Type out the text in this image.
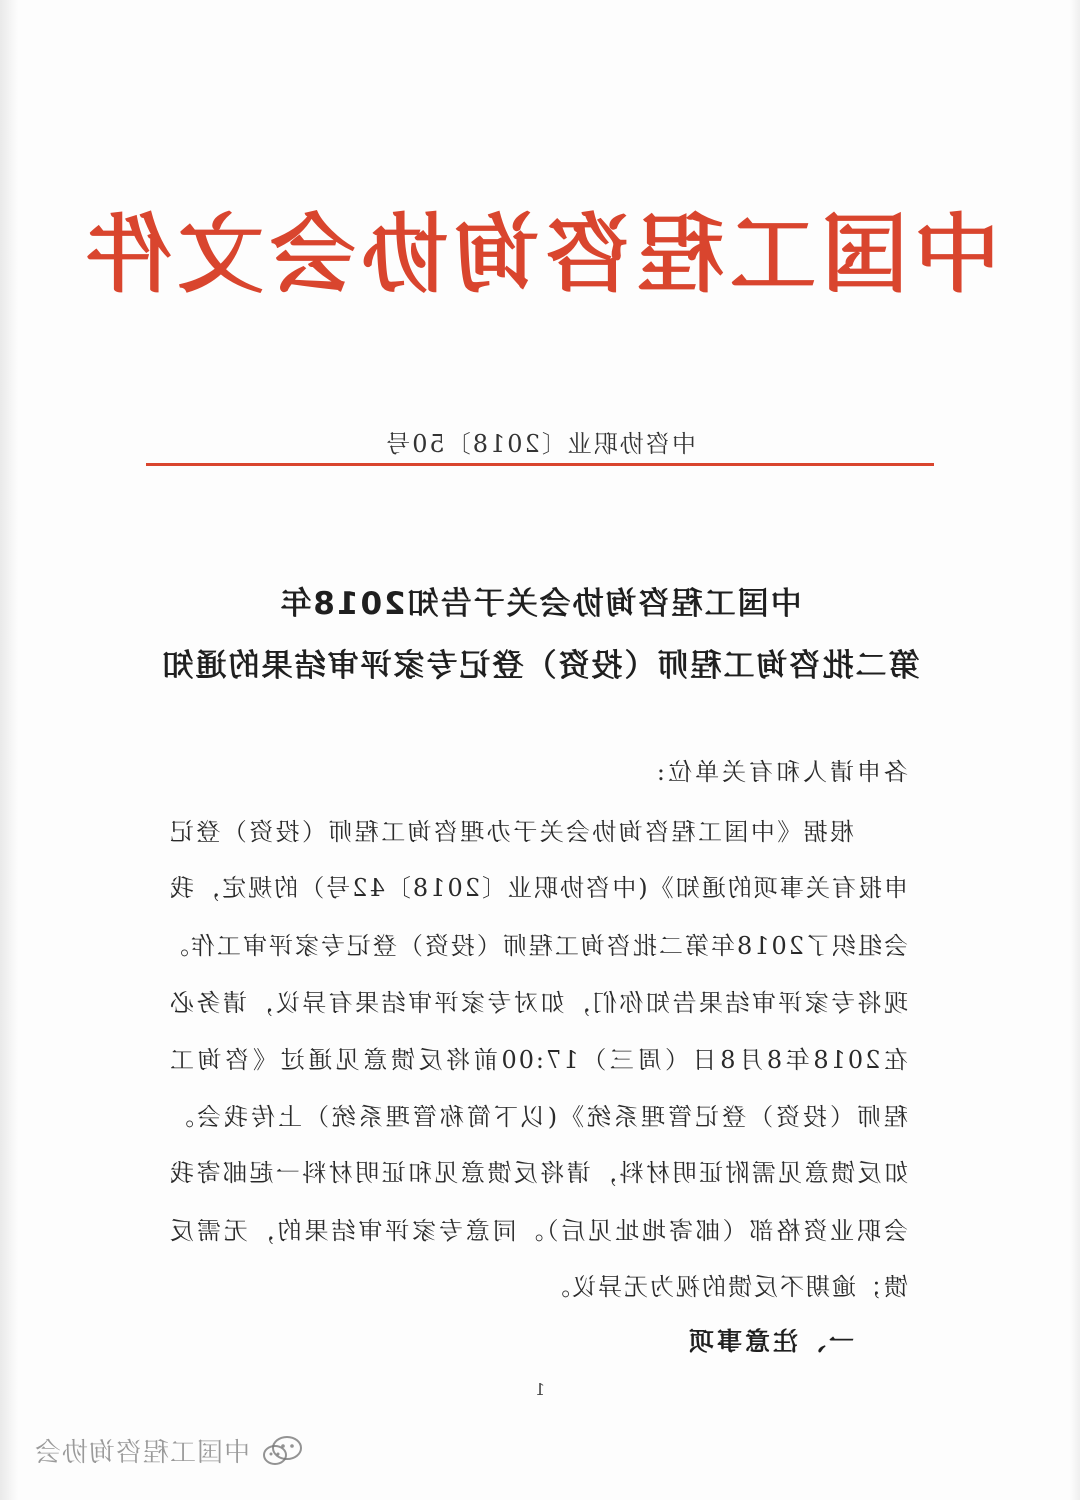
中国工程咨询协会文件
中咨协职业〔2018〕50号
中国工程咨询协会关于告知2018年
第二批咨询工程师（投资）登记专家评审结果的通知
各申请人和有关单位:
根据《中国工程咨询协会关于办理咨询工程师（投资）登记
申报有关事项的通知》(中咨协职业〔2018〕42号）的规定，我
会组织了2018年第二批咨询工程师（投资）登记专家评审工作。
现将专家评审结果告知你们，如对专家评审结果有异议，请务必
在2018年8月8日（周三）17:00前将反馈意见通过《咨询工
程师（投资）登记管理系统》(以下简称管理系统）上传我会。
如反馈意见需附证明材料，请将反馈意见和证明材料一起邮寄我
会职业资格部（邮寄地址见后）。同意专家评审结果的，无需反
馈；逾期不反馈的视为无异议。
一、注意事项
1
中国工程咨询协会
